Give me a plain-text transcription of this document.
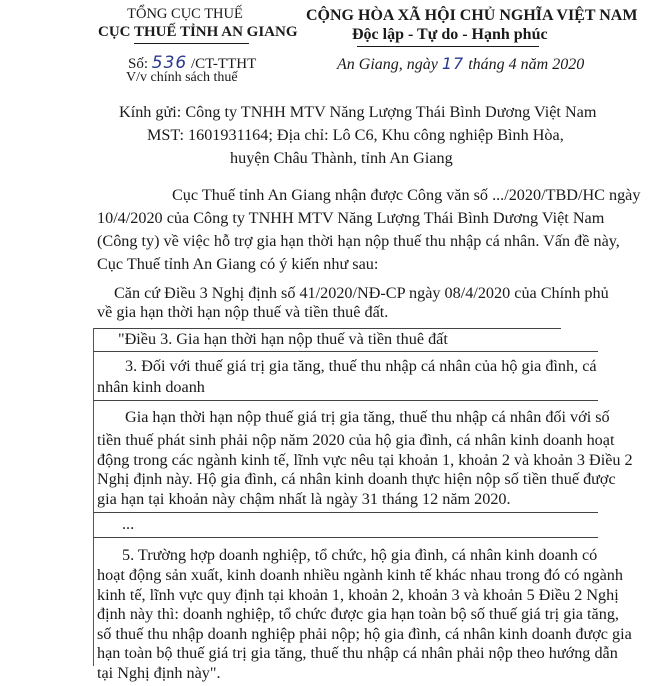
TỔNG CỤC THUẾ
CỤC THUẾ TỈNH AN GIANG
Số: 536 /CT-TTHT
V/v chính sách thuế
CỘNG HÒA XÃ HỘI CHỦ NGHĨA VIỆT NAM
Độc lập - Tự do - Hạnh phúc
An Giang, ngày 17 tháng 4 năm 2020
Kính gửi: Công ty TNHH MTV Năng Lượng Thái Bình Dương Việt Nam
MST: 1601931164; Địa chỉ: Lô C6, Khu công nghiệp Bình Hòa,
huyện Châu Thành, tỉnh An Giang
Cục Thuế tỉnh An Giang nhận được Công văn số .../2020/TBD/HC ngày
10/4/2020 của Công ty TNHH MTV Năng Lượng Thái Bình Dương Việt Nam
(Công ty) về việc hỗ trợ gia hạn thời hạn nộp thuế thu nhập cá nhân. Vấn đề này,
Cục Thuế tỉnh An Giang có ý kiến như sau:
Căn cứ Điều 3 Nghị định số 41/2020/NĐ-CP ngày 08/4/2020 của Chính phủ
về gia hạn thời hạn nộp thuế và tiền thuê đất.
"Điều 3. Gia hạn thời hạn nộp thuế và tiền thuê đất
3. Đối với thuế giá trị gia tăng, thuế thu nhập cá nhân của hộ gia đình, cá
nhân kinh doanh
Gia hạn thời hạn nộp thuế giá trị gia tăng, thuế thu nhập cá nhân đối với số
tiền thuế phát sinh phải nộp năm 2020 của hộ gia đình, cá nhân kinh doanh hoạt
động trong các ngành kinh tế, lĩnh vực nêu tại khoản 1, khoản 2 và khoản 3 Điều 2
Nghị định này. Hộ gia đình, cá nhân kinh doanh thực hiện nộp số tiền thuế được
gia hạn tại khoản này chậm nhất là ngày 31 tháng 12 năm 2020.
...
5. Trường hợp doanh nghiệp, tổ chức, hộ gia đình, cá nhân kinh doanh có
hoạt động sản xuất, kinh doanh nhiều ngành kinh tế khác nhau trong đó có ngành
kinh tế, lĩnh vực quy định tại khoản 1, khoản 2, khoản 3 và khoản 5 Điều 2 Nghị
định này thì: doanh nghiệp, tổ chức được gia hạn toàn bộ số thuế giá trị gia tăng,
số thuế thu nhập doanh nghiệp phải nộp; hộ gia đình, cá nhân kinh doanh được gia
hạn toàn bộ thuế giá trị gia tăng, thuế thu nhập cá nhân phải nộp theo hướng dẫn
tại Nghị định này".
